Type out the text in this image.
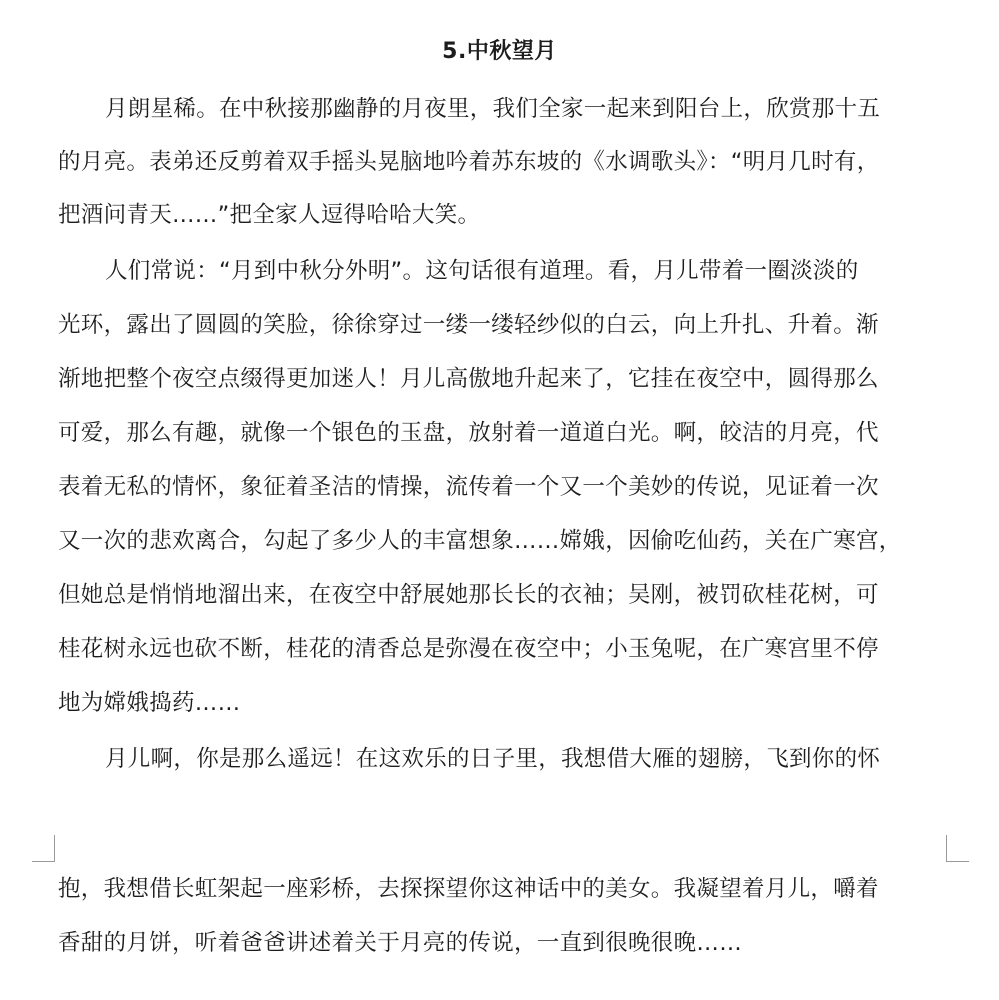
5.中秋望月
月朗星稀。在中秋接那幽静的月夜里，我们全家一起来到阳台上，欣赏那十五
的月亮。表弟还反剪着双手摇头晃脑地吟着苏东坡的《水调歌头》：“明月几时有，
把酒问青天……”把全家人逗得哈哈大笑。
人们常说：“月到中秋分外明”。这句话很有道理。看，月儿带着一圈淡淡的
光环，露出了圆圆的笑脸，徐徐穿过一缕一缕轻纱似的白云，向上升扎、升着。渐
渐地把整个夜空点缀得更加迷人！月儿高傲地升起来了，它挂在夜空中，圆得那么
可爱，那么有趣，就像一个银色的玉盘，放射着一道道白光。啊，皎洁的月亮，代
表着无私的情怀，象征着圣洁的情操，流传着一个又一个美妙的传说，见证着一次
又一次的悲欢离合，勾起了多少人的丰富想象……嫦娥，因偷吃仙药，关在广寒宫，
但她总是悄悄地溜出来，在夜空中舒展她那长长的衣袖；吴刚，被罚砍桂花树，可
桂花树永远也砍不断，桂花的清香总是弥漫在夜空中；小玉兔呢，在广寒宫里不停
地为嫦娥捣药……
月儿啊，你是那么遥远！在这欢乐的日子里，我想借大雁的翅膀，飞到你的怀
抱，我想借长虹架起一座彩桥，去探探望你这神话中的美女。我凝望着月儿，嚼着
香甜的月饼，听着爸爸讲述着关于月亮的传说，一直到很晚很晚……
